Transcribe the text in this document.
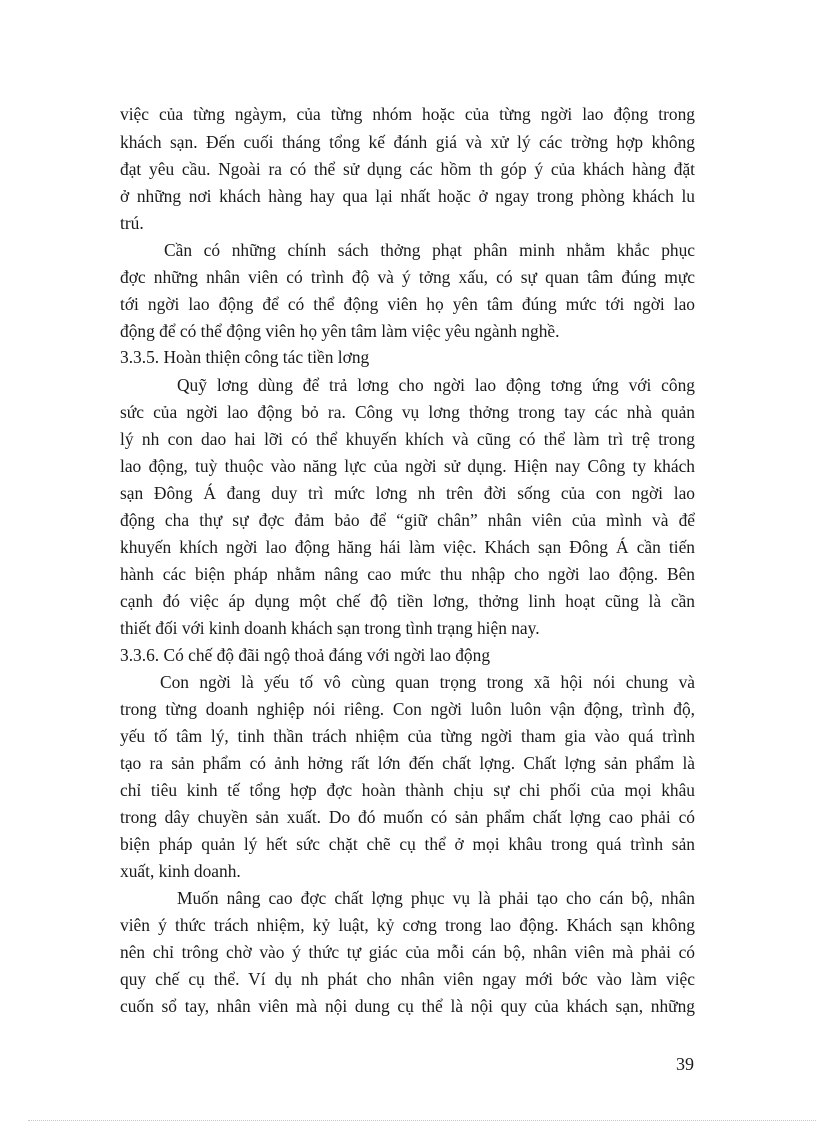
việc của từng ngàym, của từng nhóm hoặc của từng ngời lao động trong
khách sạn. Đến cuối tháng tổng kế đánh giá và xử lý các trờng hợp không
đạt yêu cầu. Ngoài ra có thể sử dụng các hồm th góp ý của khách hàng đặt
ở những nơi khách hàng hay qua lại nhất hoặc ở ngay trong phòng khách lu
trú.
Cần có những chính sách thởng phạt phân minh nhằm khắc phục
đợc những nhân viên có trình độ và ý tởng xấu, có sự quan tâm đúng mực
tới ngời lao động để có thể động viên họ yên tâm đúng mức tới ngời lao
động để có thể động viên họ yên tâm làm việc yêu ngành nghề.
3.3.5. Hoàn thiện công tác tiền lơng
Quỹ lơng dùng để trả lơng cho ngời lao động tơng ứng với công
sức của ngời lao động bỏ ra. Công vụ lơng thởng trong tay các nhà quản
lý nh con dao hai lỡi có thể khuyến khích và cũng có thể làm trì trệ trong
lao động, tuỳ thuộc vào năng lực của ngời sử dụng. Hiện nay Công ty khách
sạn Đông Á đang duy trì mức lơng nh trên đời sống của con ngời lao
động cha thự sự đợc đảm bảo để “giữ chân” nhân viên của mình và để
khuyến khích ngời lao động hăng hái làm việc. Khách sạn Đông Á cần tiến
hành các biện pháp nhằm nâng cao mức thu nhập cho ngời lao động. Bên
cạnh đó việc áp dụng một chế độ tiền lơng, thởng linh hoạt cũng là cần
thiết đối với kinh doanh khách sạn trong tình trạng hiện nay.
3.3.6. Có chế độ đãi ngộ thoả đáng với ngời lao động
Con ngời là yếu tố vô cùng quan trọng trong xã hội nói chung và
trong từng doanh nghiệp nói riêng. Con ngời luôn luôn vận động, trình độ,
yếu tố tâm lý, tinh thần trách nhiệm của từng ngời tham gia vào quá trình
tạo ra sản phẩm có ảnh hởng rất lớn đến chất lợng. Chất lợng sản phẩm là
chỉ tiêu kinh tế tổng hợp đợc hoàn thành chịu sự chi phối của mọi khâu
trong dây chuyền sản xuất. Do đó muốn có sản phẩm chất lợng cao phải có
biện pháp quản lý hết sức chặt chẽ cụ thể ở mọi khâu trong quá trình sản
xuất, kinh doanh.
Muốn nâng cao đợc chất lợng phục vụ là phải tạo cho cán bộ, nhân
viên ý thức trách nhiệm, kỷ luật, kỷ cơng trong lao động. Khách sạn không
nên chỉ trông chờ vào ý thức tự giác của mỗi cán bộ, nhân viên mà phải có
quy chế cụ thể. Ví dụ nh phát cho nhân viên ngay mới bớc vào làm việc
cuốn sổ tay, nhân viên mà nội dung cụ thể là nội quy của khách sạn, những
39
